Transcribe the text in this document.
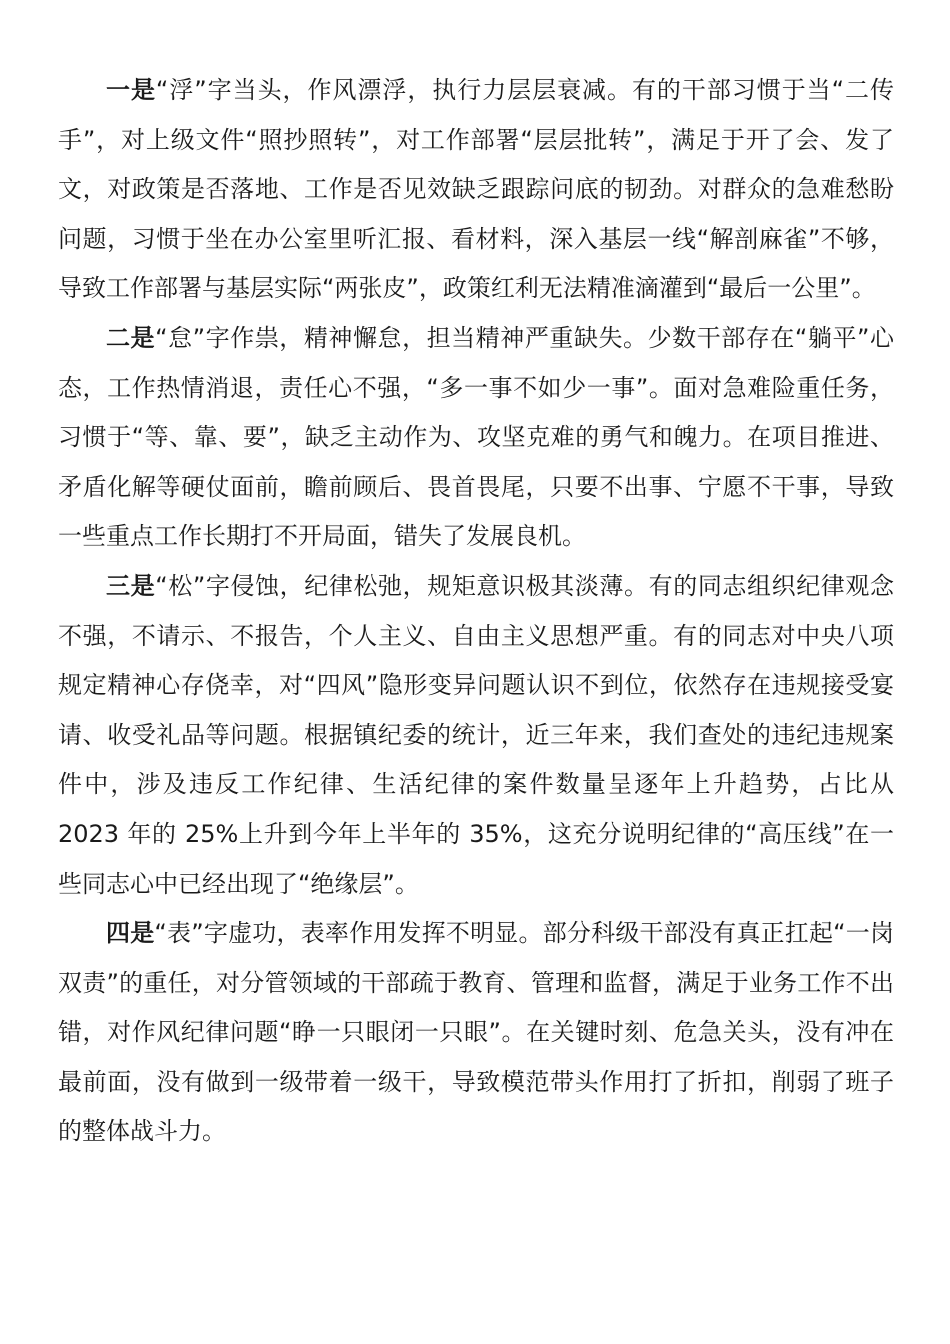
一是“浮”字当头，作风漂浮，执行力层层衰减。有的干部习惯于当“二传手”，对上级文件“照抄照转”，对工作部署“层层批转”，满足于开了会、发了文，对政策是否落地、工作是否见效缺乏跟踪问底的韧劲。对群众的急难愁盼问题，习惯于坐在办公室里听汇报、看材料，深入基层一线“解剖麻雀”不够，导致工作部署与基层实际“两张皮”，政策红利无法精准滴灌到“最后一公里”。

二是“怠”字作祟，精神懈怠，担当精神严重缺失。少数干部存在“躺平”心态，工作热情消退，责任心不强，“多一事不如少一事”。面对急难险重任务，习惯于“等、靠、要”，缺乏主动作为、攻坚克难的勇气和魄力。在项目推进、矛盾化解等硬仗面前，瞻前顾后、畏首畏尾，只要不出事、宁愿不干事，导致一些重点工作长期打不开局面，错失了发展良机。

三是“松”字侵蚀，纪律松弛，规矩意识极其淡薄。有的同志组织纪律观念不强，不请示、不报告，个人主义、自由主义思想严重。有的同志对中央八项规定精神心存侥幸，对“四风”隐形变异问题认识不到位，依然存在违规接受宴请、收受礼品等问题。根据镇纪委的统计，近三年来，我们查处的违纪违规案件中，涉及违反工作纪律、生活纪律的案件数量呈逐年上升趋势，占比从 2023 年的 25%上升到今年上半年的 35%，这充分说明纪律的“高压线”在一些同志心中已经出现了“绝缘层”。

四是“表”字虚功，表率作用发挥不明显。部分科级干部没有真正扛起“一岗双责”的重任，对分管领域的干部疏于教育、管理和监督，满足于业务工作不出错，对作风纪律问题“睁一只眼闭一只眼”。在关键时刻、危急关头，没有冲在最前面，没有做到一级带着一级干，导致模范带头作用打了折扣，削弱了班子的整体战斗力。
